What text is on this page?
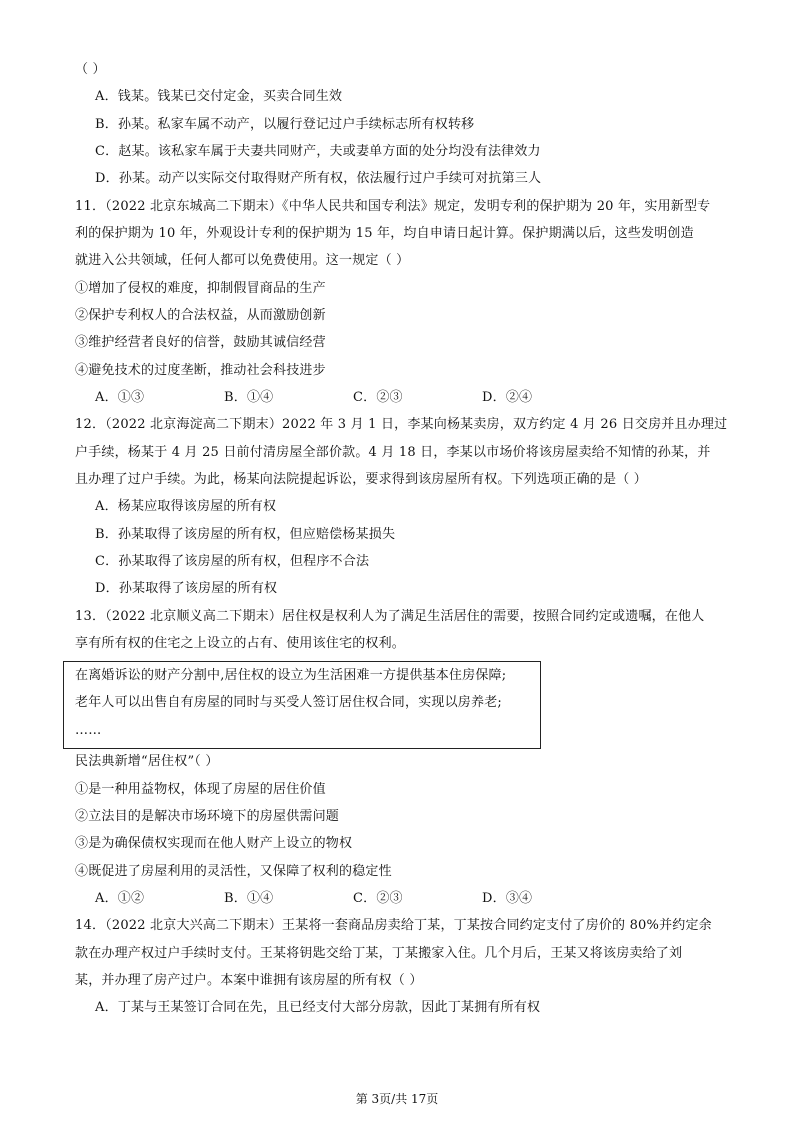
（ ）
A．钱某。钱某已交付定金，买卖合同生效
B．孙某。私家车属不动产，以履行登记过户手续标志所有权转移
C．赵某。该私家车属于夫妻共同财产，夫或妻单方面的处分均没有法律效力
D．孙某。动产以实际交付取得财产所有权，依法履行过户手续可对抗第三人
11．（2022 北京东城高二下期末）《中华人民共和国专利法》规定，发明专利的保护期为 20 年，实用新型专
利的保护期为 10 年，外观设计专利的保护期为 15 年，均自申请日起计算。保护期满以后，这些发明创造
就进入公共领域，任何人都可以免费使用。这一规定（ ）
①增加了侵权的难度，抑制假冒商品的生产
②保护专利权人的合法权益，从而激励创新
③维护经营者良好的信誉，鼓励其诚信经营
④避免技术的过度垄断，推动社会科技进步
A．①③	B．①④	C．②③	D．②④
12．（2022 北京海淀高二下期末）2022 年 3 月 1 日，李某向杨某卖房，双方约定 4 月 26 日交房并且办理过
户手续，杨某于 4 月 25 日前付清房屋全部价款。4 月 18 日，李某以市场价将该房屋卖给不知情的孙某，并
且办理了过户手续。为此，杨某向法院提起诉讼，要求得到该房屋所有权。下列选项正确的是（ ）
A．杨某应取得该房屋的所有权
B．孙某取得了该房屋的所有权，但应赔偿杨某损失
C．孙某取得了该房屋的所有权，但程序不合法
D．孙某取得了该房屋的所有权
13．（2022 北京顺义高二下期末）居住权是权利人为了满足生活居住的需要，按照合同约定或遗嘱，在他人
享有所有权的住宅之上设立的占有、使用该住宅的权利。
在离婚诉讼的财产分割中,居住权的设立为生活困难一方提供基本住房保障;
老年人可以出售自有房屋的同时与买受人签订居住权合同，实现以房养老;
……
民法典新增“居住权”（ ）
①是一种用益物权，体现了房屋的居住价值
②立法目的是解决市场环境下的房屋供需问题
③是为确保债权实现而在他人财产上设立的物权
④既促进了房屋利用的灵活性，又保障了权利的稳定性
A．①②	B．①④	C．②③	D．③④
14．（2022 北京大兴高二下期末）王某将一套商品房卖给丁某，丁某按合同约定支付了房价的 80%并约定余
款在办理产权过户手续时支付。王某将钥匙交给丁某，丁某搬家入住。几个月后，王某又将该房卖给了刘
某，并办理了房产过户。本案中谁拥有该房屋的所有权（ ）
A．丁某与王某签订合同在先，且已经支付大部分房款，因此丁某拥有所有权
第 3页/共 17页
